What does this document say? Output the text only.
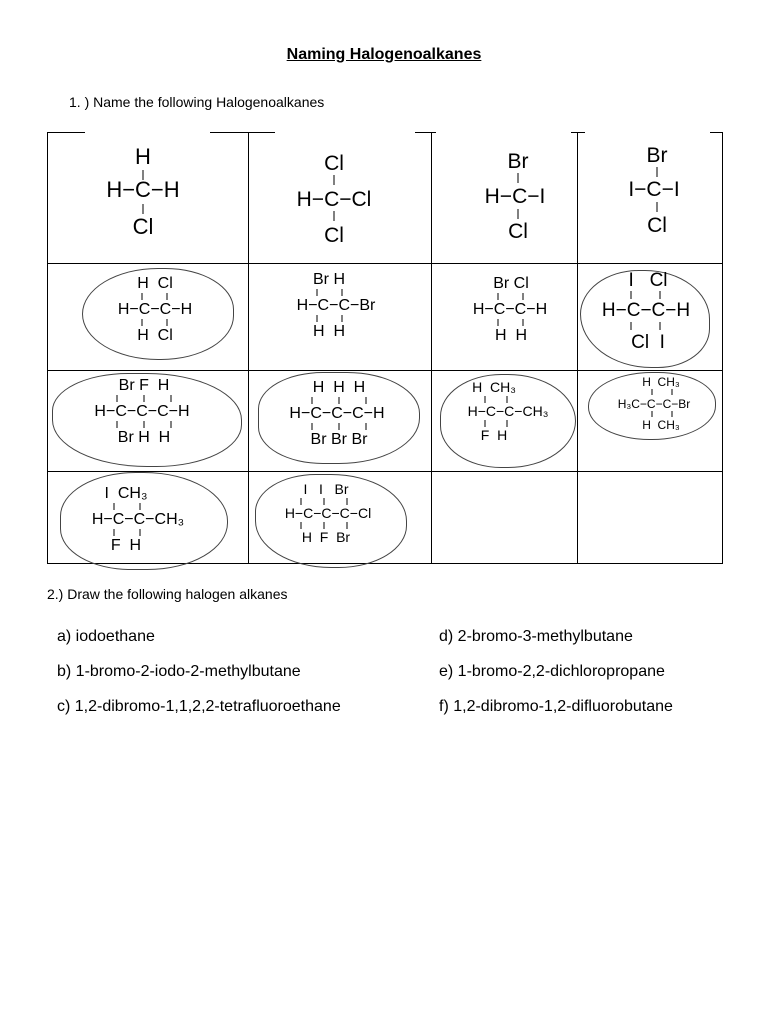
Naming Halogenoalkanes
1. ) Name the following Halogenoalkanes
H
H−C−H
Cl
Cl
H−C−Cl
Cl
Br
H−C−I
Cl
Br
I−C−I
Cl
H  Cl
H−C−C−H
H  Cl
Br H
H−C−C−Br
H  H
Br Cl
H−C−C−H
H  H
I   Cl
H−C−C−H
Cl  I
Br F  H
H−C−C−C−H
Br H  H
H  H  H
H−C−C−C−H
Br Br Br
H  CH₃
H−C−C−CH₃
F  H
H  CH₃
H₃C−C−C−Br
H  CH₃
I  CH₃
H−C−C−CH₃
F  H
I   I   Br
H−C−C−C−Cl
H  F  Br
2.) Draw the following halogen alkanes
a) iodoethane
b) 1-bromo-2-iodo-2-methylbutane
c) 1,2-dibromo-1,1,2,2-tetrafluoroethane
d) 2-bromo-3-methylbutane
e) 1-bromo-2,2-dichloropropane
f) 1,2-dibromo-1,2-difluorobutane
